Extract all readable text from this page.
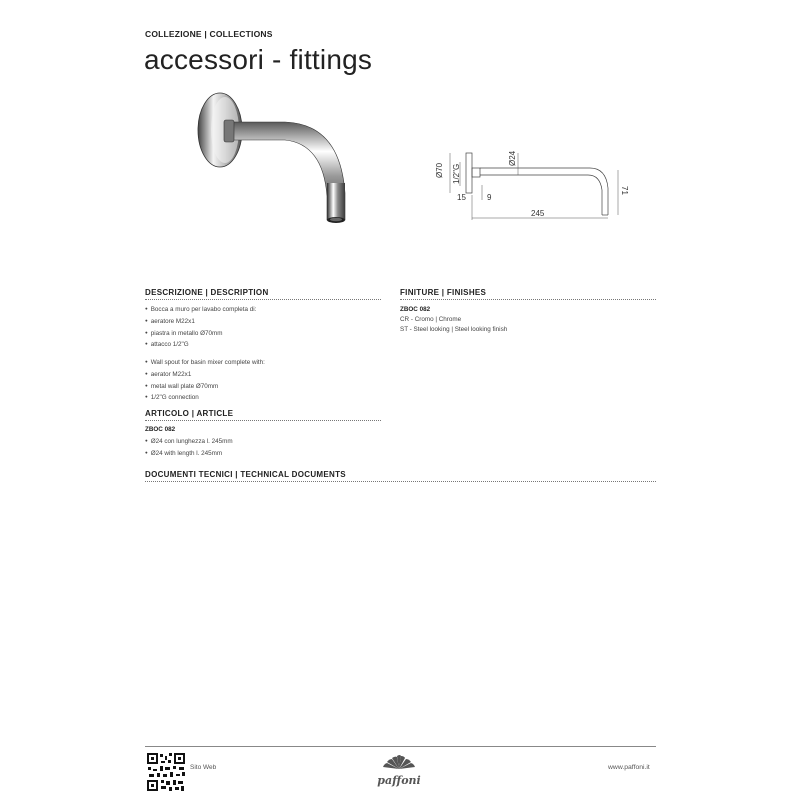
COLLEZIONE | COLLECTIONS
accessori - fittings
Ø70 1/2"G
Ø24
15	9
245
71
DESCRIZIONE | DESCRIPTION
● Bocca a muro per lavabo completa di:
● aeratore M22x1
● piastra in metallo Ø70mm
● attacco 1/2"G
● Wall spout for basin mixer complete with:
● aerator M22x1
● metal wall plate Ø70mm
● 1/2"G connection
ARTICOLO | ARTICLE
ZBOC 082
● Ø24 con lunghezza l. 245mm
● Ø24 with length l. 245mm
DOCUMENTI TECNICI | TECHNICAL DOCUMENTS
FINITURE | FINISHES
ZBOC 082
CR - Cromo | Chrome
ST - Steel looking | Steel looking finish
Sito Web
paffoni
www.paffoni.it
